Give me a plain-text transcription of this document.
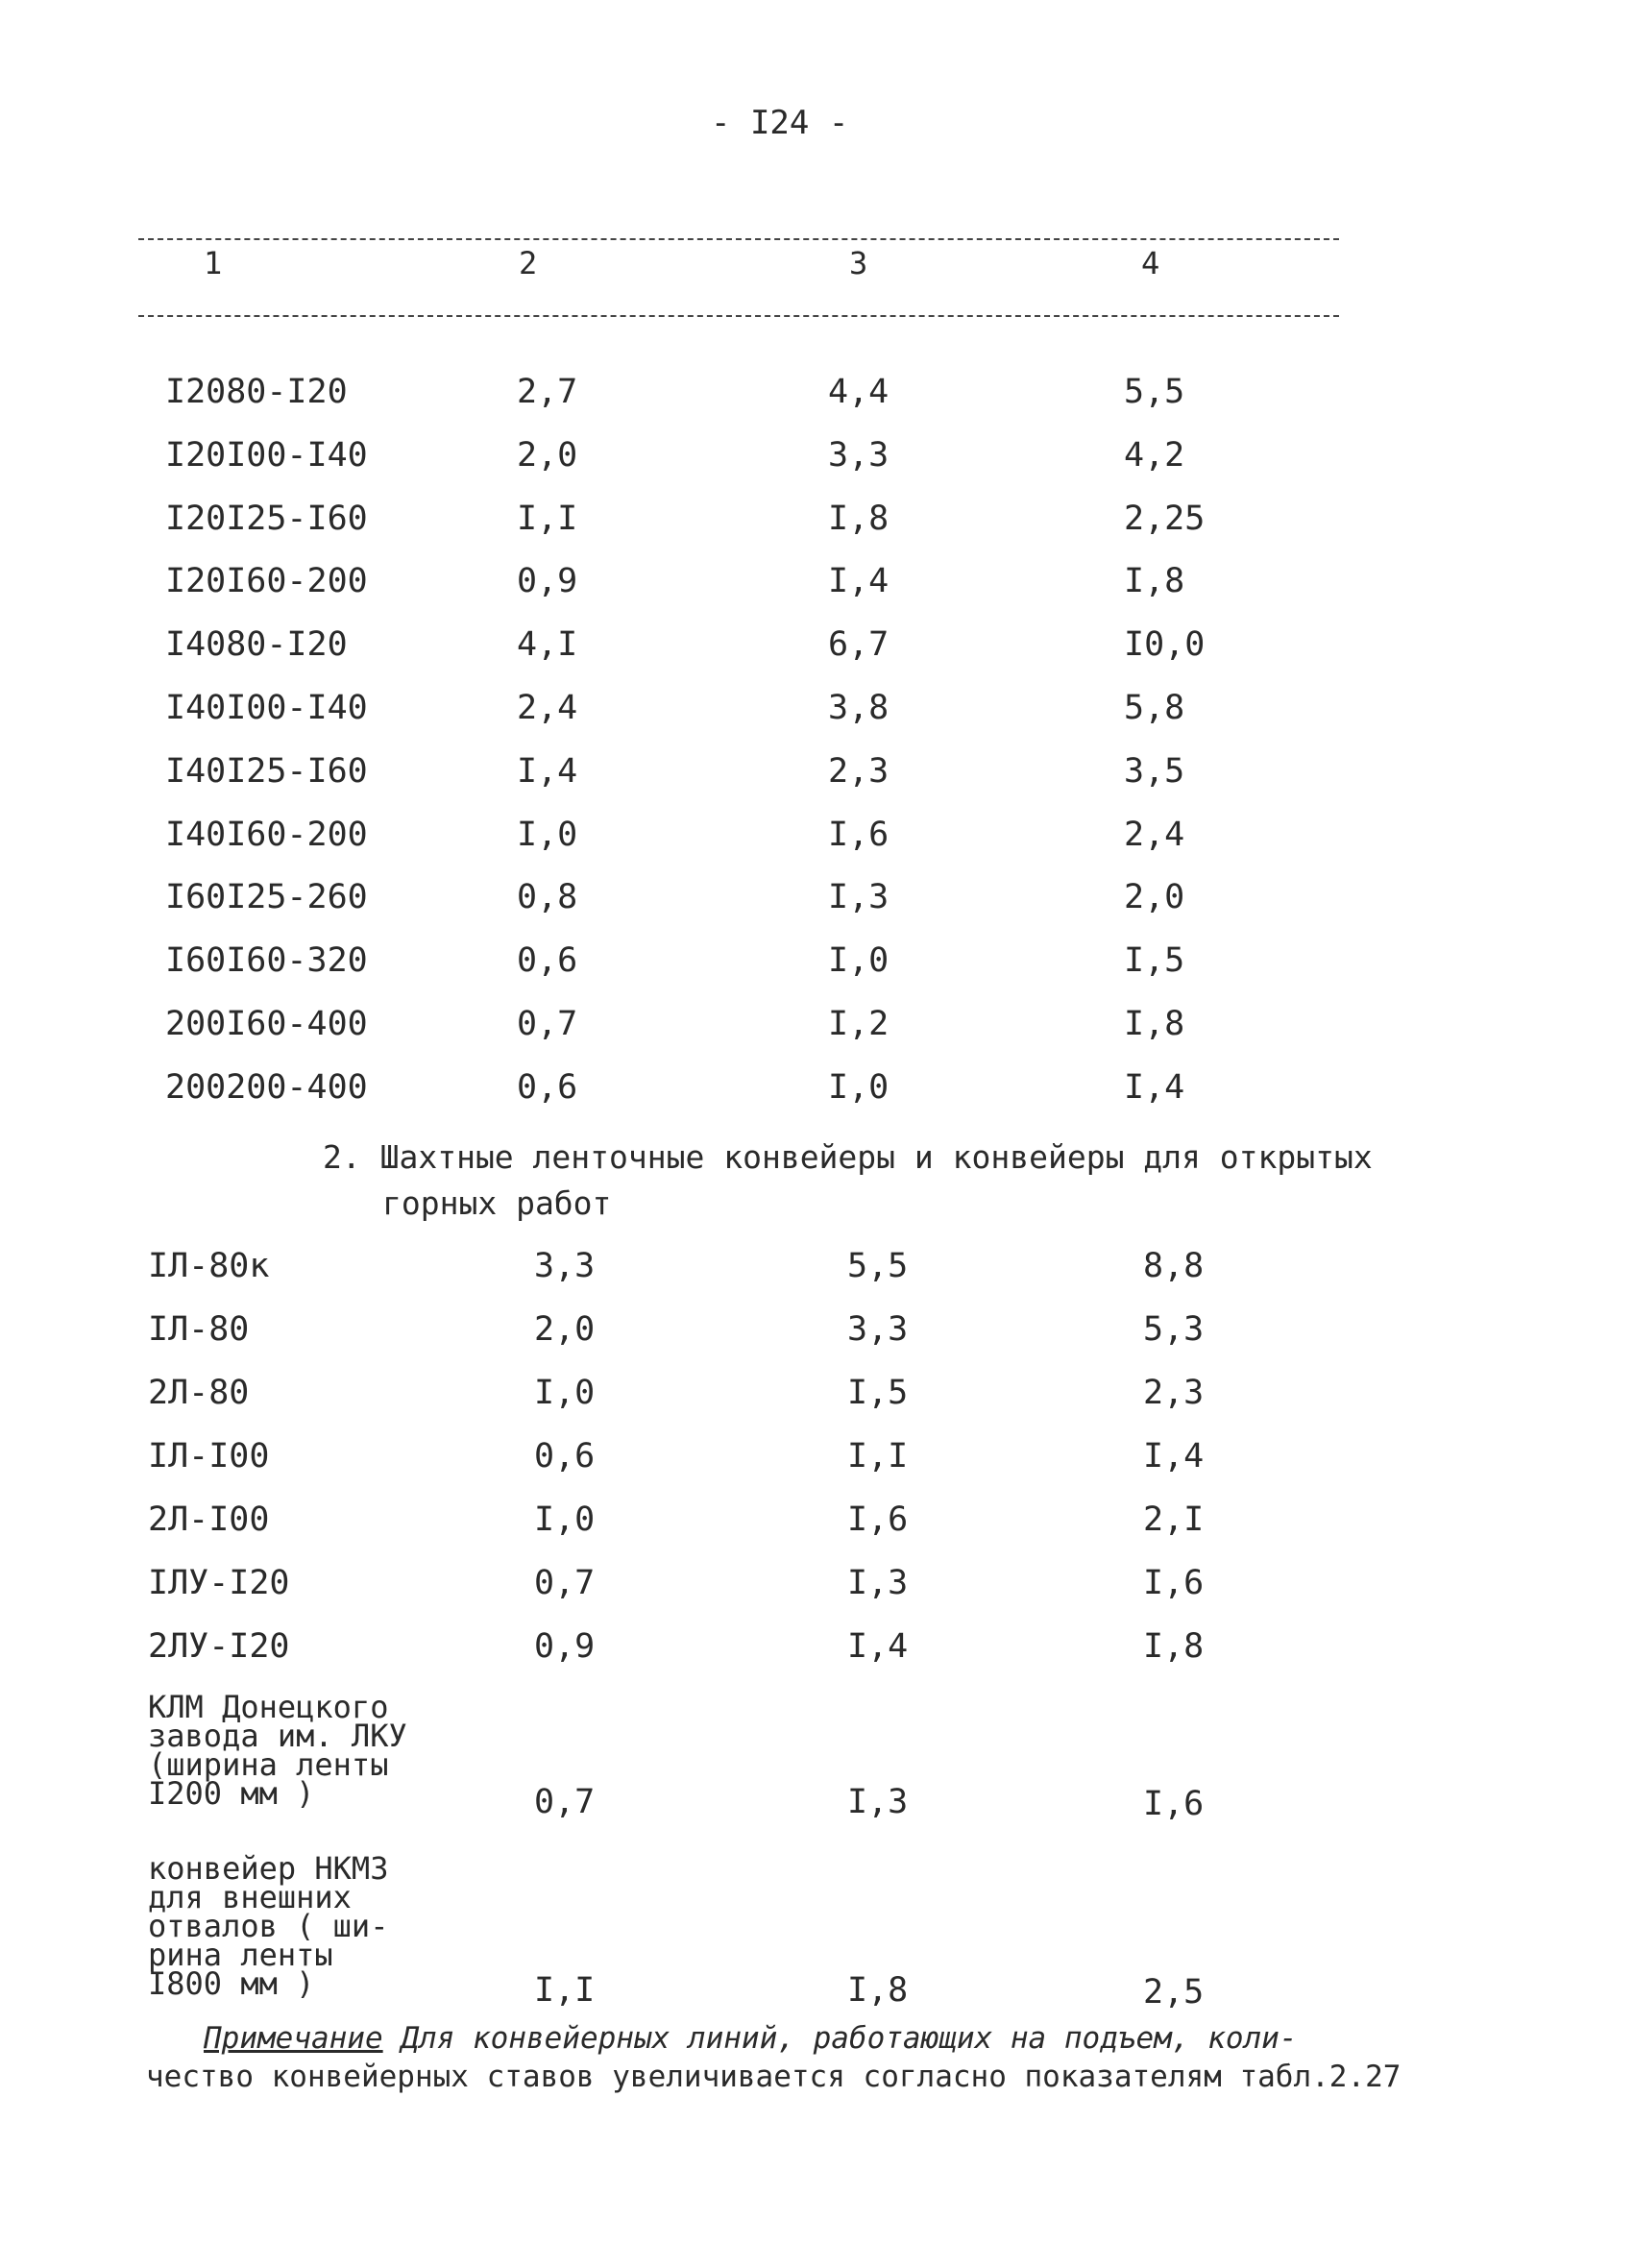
- I24 -
1	2	3	4
I2080-I20	2,7	4,4	5,5
I20I00-I40	2,0	3,3	4,2
I20I25-I60	I,I	I,8	2,25
I20I60-200	0,9	I,4	I,8
I4080-I20	4,I	6,7	I0,0
I40I00-I40	2,4	3,8	5,8
I40I25-I60	I,4	2,3	3,5
I40I60-200	I,0	I,6	2,4
I60I25-260	0,8	I,3	2,0
I60I60-320	0,6	I,0	I,5
200I60-400	0,7	I,2	I,8
200200-400	0,6	I,0	I,4
2. Шахтные ленточные конвейеры и конвейеры для открытых
горных работ
IЛ-80к	3,3	5,5	8,8
IЛ-80	2,0	3,3	5,3
2Л-80	I,0	I,5	2,3
IЛ-I00	0,6	I,I	I,4
2Л-I00	I,0	I,6	2,I
IЛУ-I20	0,7	I,3	I,6
2ЛУ-I20	0,9	I,4	I,8
КЛМ Донецкого
завода им. ЛКУ
(ширина ленты
I200 мм )	0,7	I,3	I,6
конвейер НКМЗ
для внешних
отвалов ( ши-
рина ленты
I800 мм )	I,I	I,8	2,5
Примечание Для конвейерных линий, работающих на подъем, коли-
чество конвейерных ставов увеличивается согласно показателям табл.2.27
